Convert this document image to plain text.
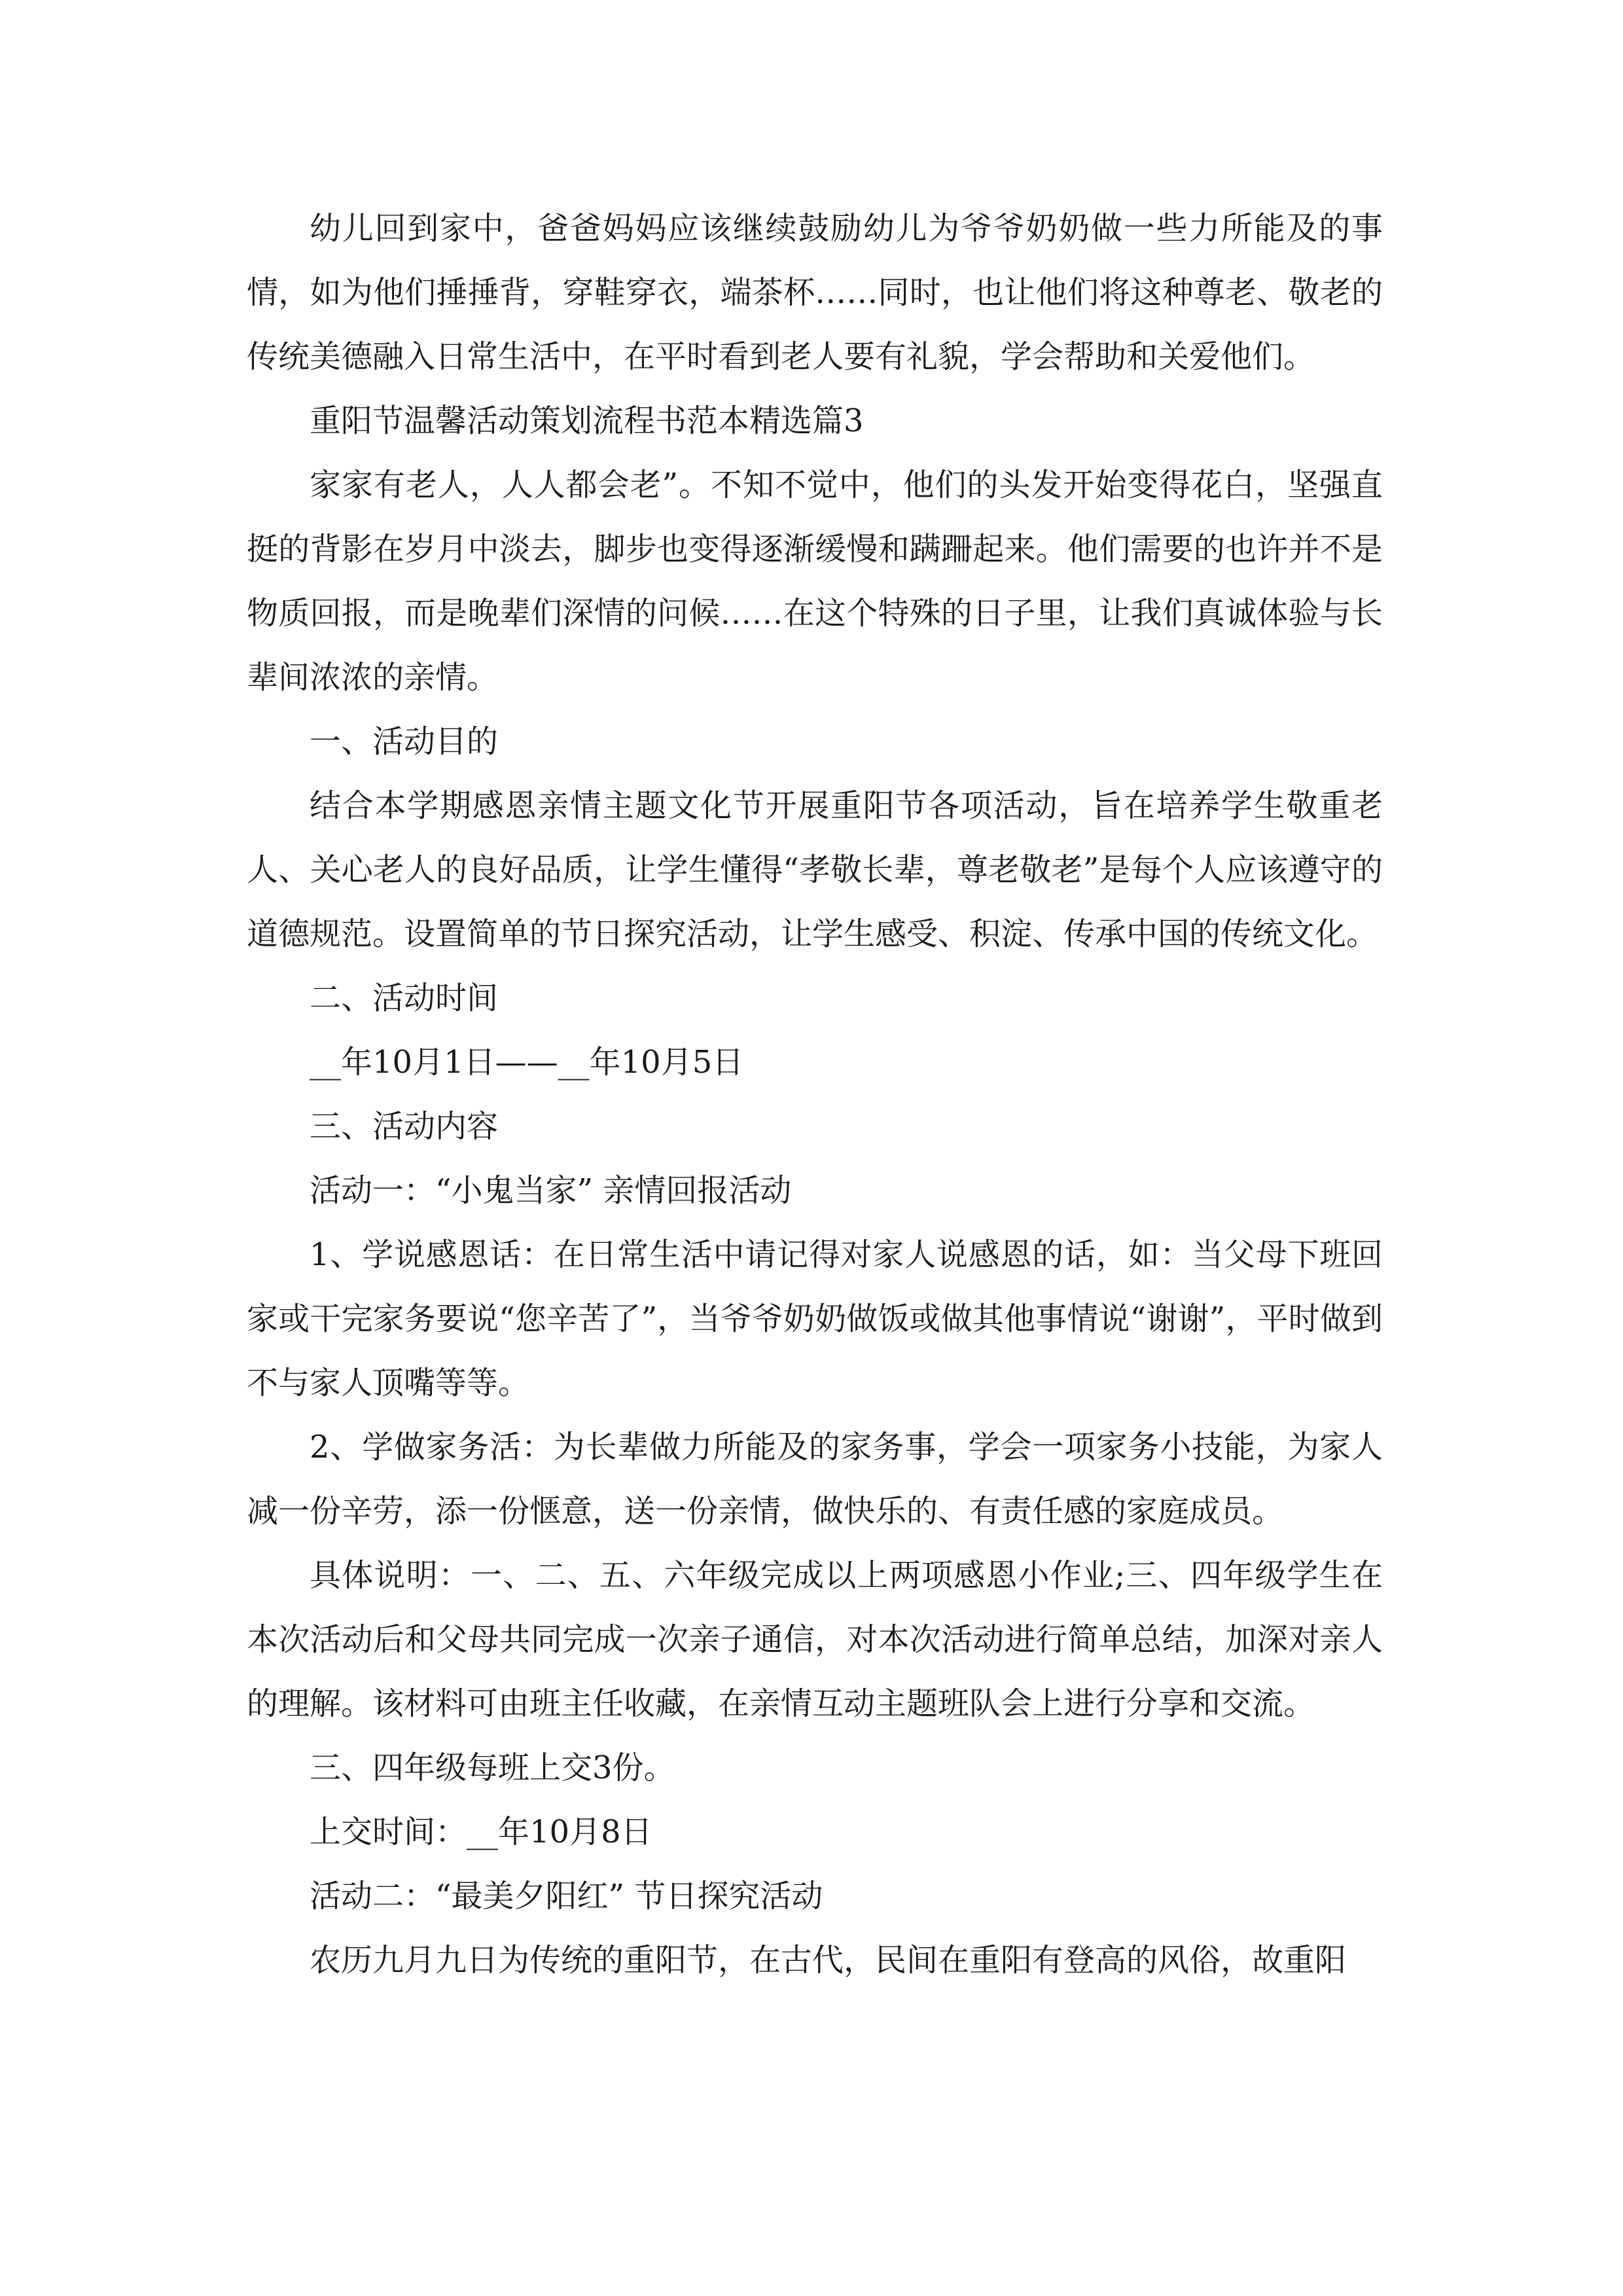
幼儿回到家中，爸爸妈妈应该继续鼓励幼儿为爷爷奶奶做一些力所能及的事情，如为他们捶捶背，穿鞋穿衣，端茶杯……同时，也让他们将这种尊老、敬老的传统美德融入日常生活中，在平时看到老人要有礼貌，学会帮助和关爱他们。

重阳节温馨活动策划流程书范本精选篇3

家家有老人，人人都会老”。不知不觉中，他们的头发开始变得花白，坚强直挺的背影在岁月中淡去，脚步也变得逐渐缓慢和蹒跚起来。他们需要的也许并不是物质回报，而是晚辈们深情的问候……在这个特殊的日子里，让我们真诚体验与长辈间浓浓的亲情。

一、活动目的

结合本学期感恩亲情主题文化节开展重阳节各项活动，旨在培养学生敬重老人、关心老人的良好品质，让学生懂得“孝敬长辈，尊老敬老”是每个人应该遵守的道德规范。设置简单的节日探究活动，让学生感受、积淀、传承中国的传统文化。

二、活动时间

__年10月1日——__年10月5日

三、活动内容

活动一：“小鬼当家” 亲情回报活动

1、学说感恩话：在日常生活中请记得对家人说感恩的话，如：当父母下班回家或干完家务要说“您辛苦了”，当爷爷奶奶做饭或做其他事情说“谢谢”，平时做到不与家人顶嘴等等。

2、学做家务活：为长辈做力所能及的家务事，学会一项家务小技能，为家人减一份辛劳，添一份惬意，送一份亲情，做快乐的、有责任感的家庭成员。

具体说明：一、二、五、六年级完成以上两项感恩小作业;三、四年级学生在本次活动后和父母共同完成一次亲子通信，对本次活动进行简单总结，加深对亲人的理解。该材料可由班主任收藏，在亲情互动主题班队会上进行分享和交流。

三、四年级每班上交3份。

上交时间：__年10月8日

活动二：“最美夕阳红” 节日探究活动

农历九月九日为传统的重阳节，在古代，民间在重阳有登高的风俗，故重阳
